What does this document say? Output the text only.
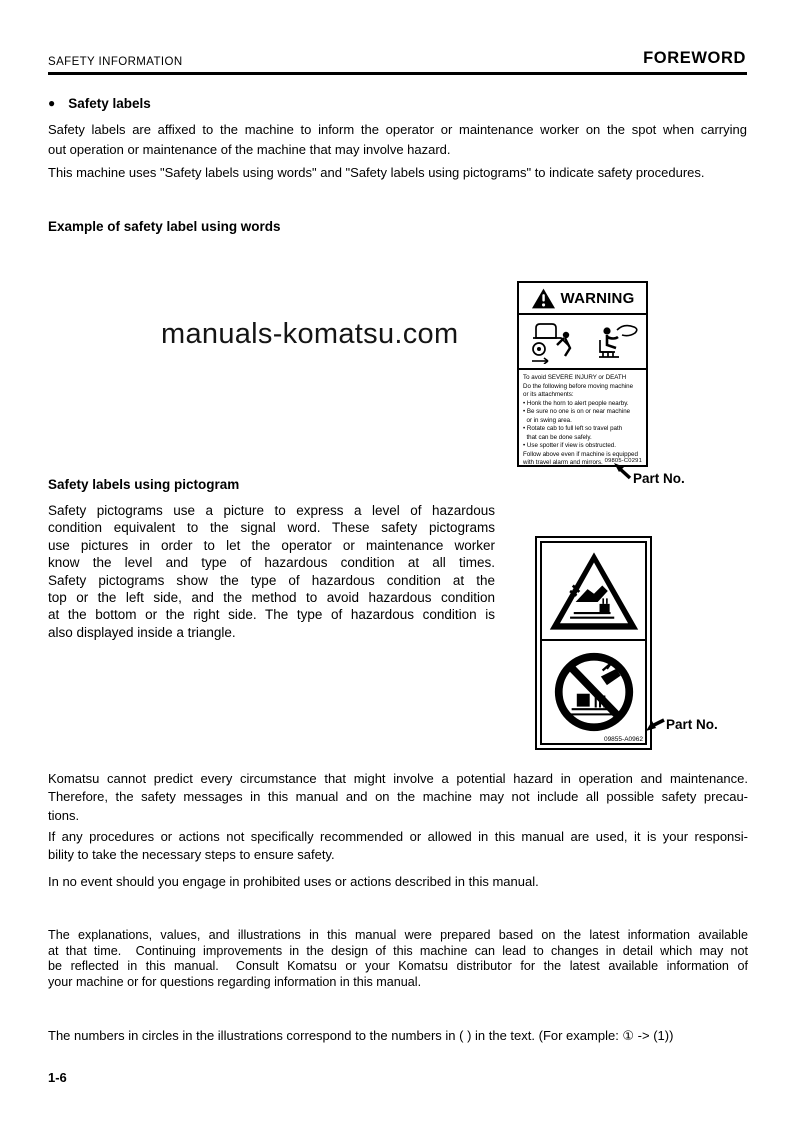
SAFETY INFORMATION	FOREWORD
● Safety labels
Safety labels are affixed to the machine to inform the operator or maintenance worker on the spot when carrying
out operation or maintenance of the machine that may involve hazard.
This machine uses "Safety labels using words" and "Safety labels using pictograms" to indicate safety procedures.
Example of safety label using words
manuals-komatsu.com
WARNING
To avoid SEVERE INJURY or DEATH
Do the following before moving machine
or its attachments:
• Honk the horn to alert people nearby.
• Be sure no one is on or near machine
or in swing area.
• Rotate cab to full left so travel path
that can be done safely.
• Use spotter if view is obstructed.
Follow above even if machine is equipped
with travel alarm and mirrors. 09805-C0291
Part No.
Safety labels using pictogram
Safety pictograms use a picture to express a level of hazardous
condition equivalent to the signal word. These safety pictograms
use pictures in order to let the operator or maintenance worker
know the level and type of hazardous condition at all times.
Safety pictograms show the type of hazardous condition at the
top or the left side, and the method to avoid hazardous condition
at the bottom or the right side. The type of hazardous condition is
also displayed inside a triangle.
09855-A0962
Part No.
Komatsu cannot predict every circumstance that might involve a potential hazard in operation and maintenance.
Therefore, the safety messages in this manual and on the machine may not include all possible safety precau-
tions.
If any procedures or actions not specifically recommended or allowed in this manual are used, it is your responsi-
bility to take the necessary steps to ensure safety.
In no event should you engage in prohibited uses or actions described in this manual.
The explanations, values, and illustrations in this manual were prepared based on the latest information available
at that time.  Continuing improvements in the design of this machine can lead to changes in detail which may not
be reflected in this manual.  Consult Komatsu or your Komatsu distributor for the latest available information of
your machine or for questions regarding information in this manual.
The numbers in circles in the illustrations correspond to the numbers in ( ) in the text. (For example: ① -> (1))
1-6
